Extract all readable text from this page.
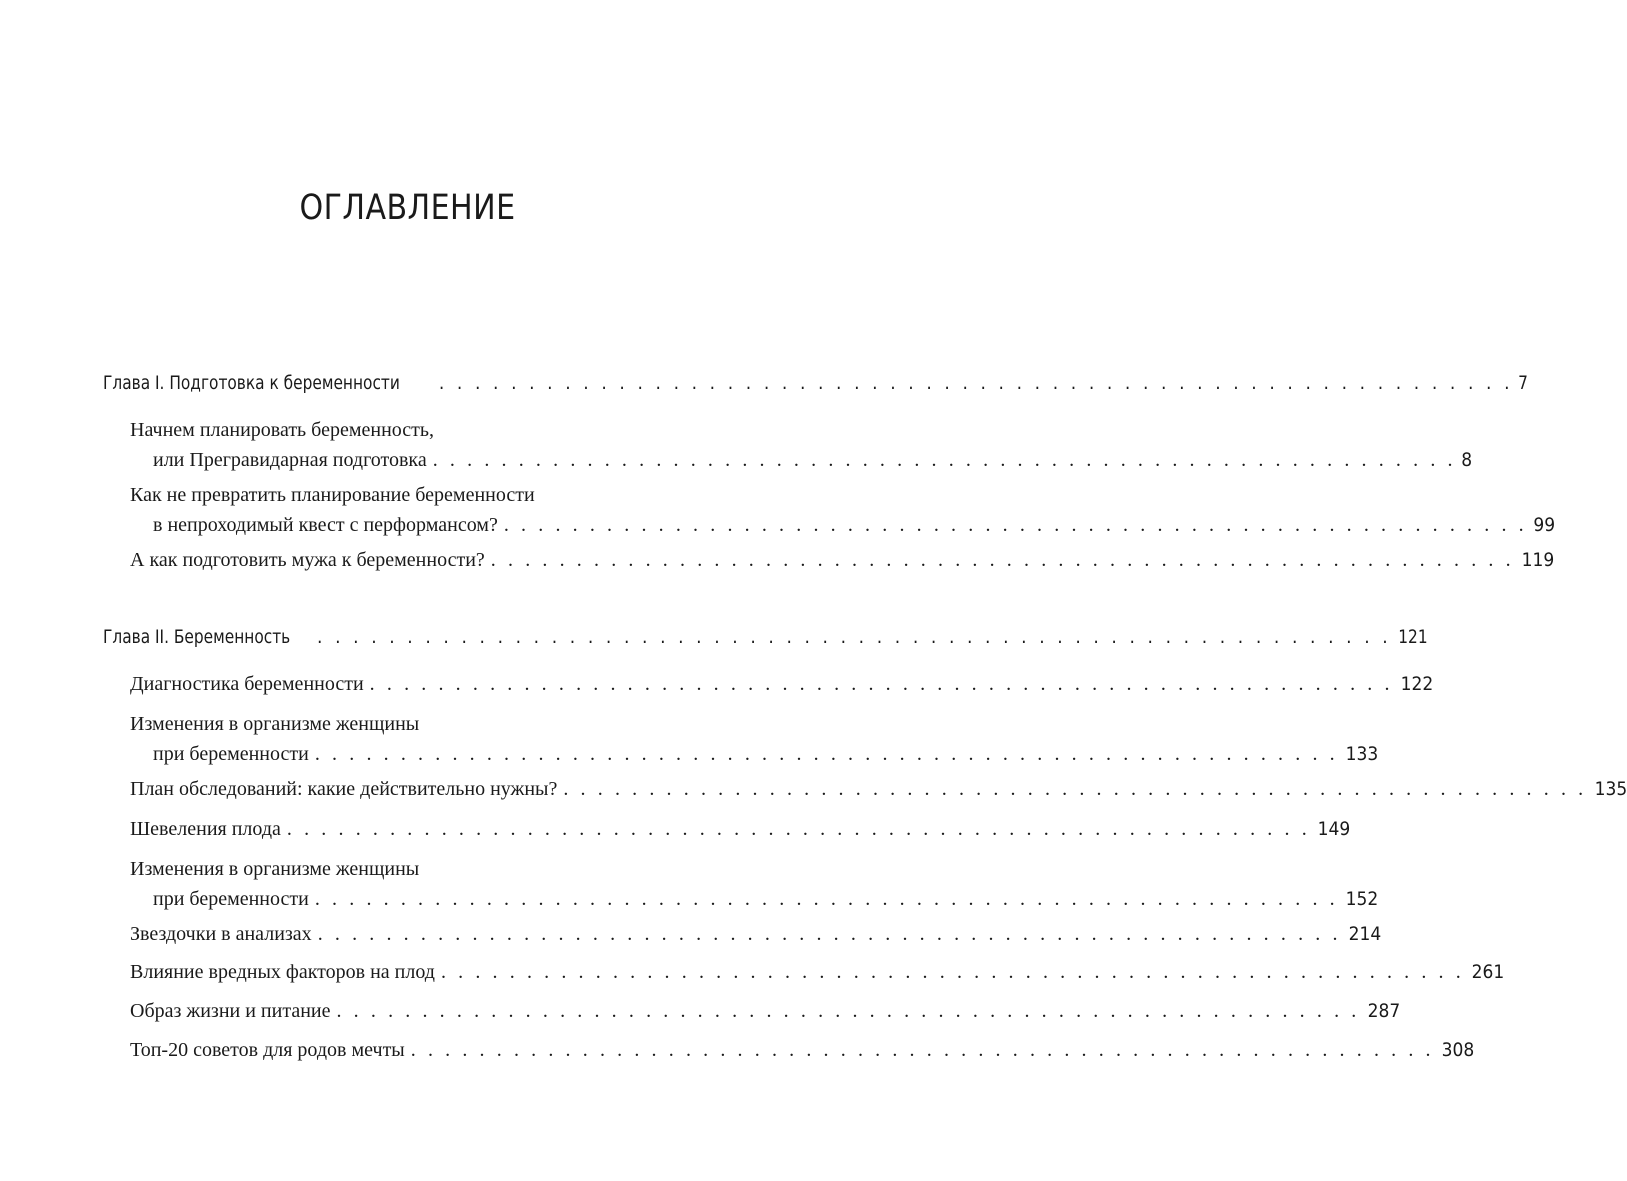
ОГЛАВЛЕНИЕ
Глава I. Подготовка к беременности	. . . . . . . . . . . . . . . . . . . . . . . . . . . . . . . . . . . . . . . . . . . . . . . . . . . . . . . . . . . . 7
Начнем планировать беременность,
или Прегравидарная подготовка . . . . . . . . . . . . . . . . . . . . . . . . . . . . . . . . . . . . . . . . . . . . . . . . . . . . . . . . . . . . 8
Как не превратить планирование беременности
в непроходимый квест с перформансом? . . . . . . . . . . . . . . . . . . . . . . . . . . . . . . . . . . . . . . . . . . . . . . . . . . . . . . . . . . . . 99
А как подготовить мужа к беременности? . . . . . . . . . . . . . . . . . . . . . . . . . . . . . . . . . . . . . . . . . . . . . . . . . . . . . . . . . . . . 119
Глава II. Беременность	. . . . . . . . . . . . . . . . . . . . . . . . . . . . . . . . . . . . . . . . . . . . . . . . . . . . . . . . . . . . 121
Диагностика беременности . . . . . . . . . . . . . . . . . . . . . . . . . . . . . . . . . . . . . . . . . . . . . . . . . . . . . . . . . . . . 122
Изменения в организме женщины
при беременности . . . . . . . . . . . . . . . . . . . . . . . . . . . . . . . . . . . . . . . . . . . . . . . . . . . . . . . . . . . . 133
План обследований: какие действительно нужны? . . . . . . . . . . . . . . . . . . . . . . . . . . . . . . . . . . . . . . . . . . . . . . . . . . . . . . . . . . . . 135
Шевеления плода . . . . . . . . . . . . . . . . . . . . . . . . . . . . . . . . . . . . . . . . . . . . . . . . . . . . . . . . . . . . 149
Изменения в организме женщины
при беременности . . . . . . . . . . . . . . . . . . . . . . . . . . . . . . . . . . . . . . . . . . . . . . . . . . . . . . . . . . . . 152
Звездочки в анализах . . . . . . . . . . . . . . . . . . . . . . . . . . . . . . . . . . . . . . . . . . . . . . . . . . . . . . . . . . . . 214
Влияние вредных факторов на плод . . . . . . . . . . . . . . . . . . . . . . . . . . . . . . . . . . . . . . . . . . . . . . . . . . . . . . . . . . . . 261
Образ жизни и питание . . . . . . . . . . . . . . . . . . . . . . . . . . . . . . . . . . . . . . . . . . . . . . . . . . . . . . . . . . . . 287
Топ-20 советов для родов мечты . . . . . . . . . . . . . . . . . . . . . . . . . . . . . . . . . . . . . . . . . . . . . . . . . . . . . . . . . . . . 308
